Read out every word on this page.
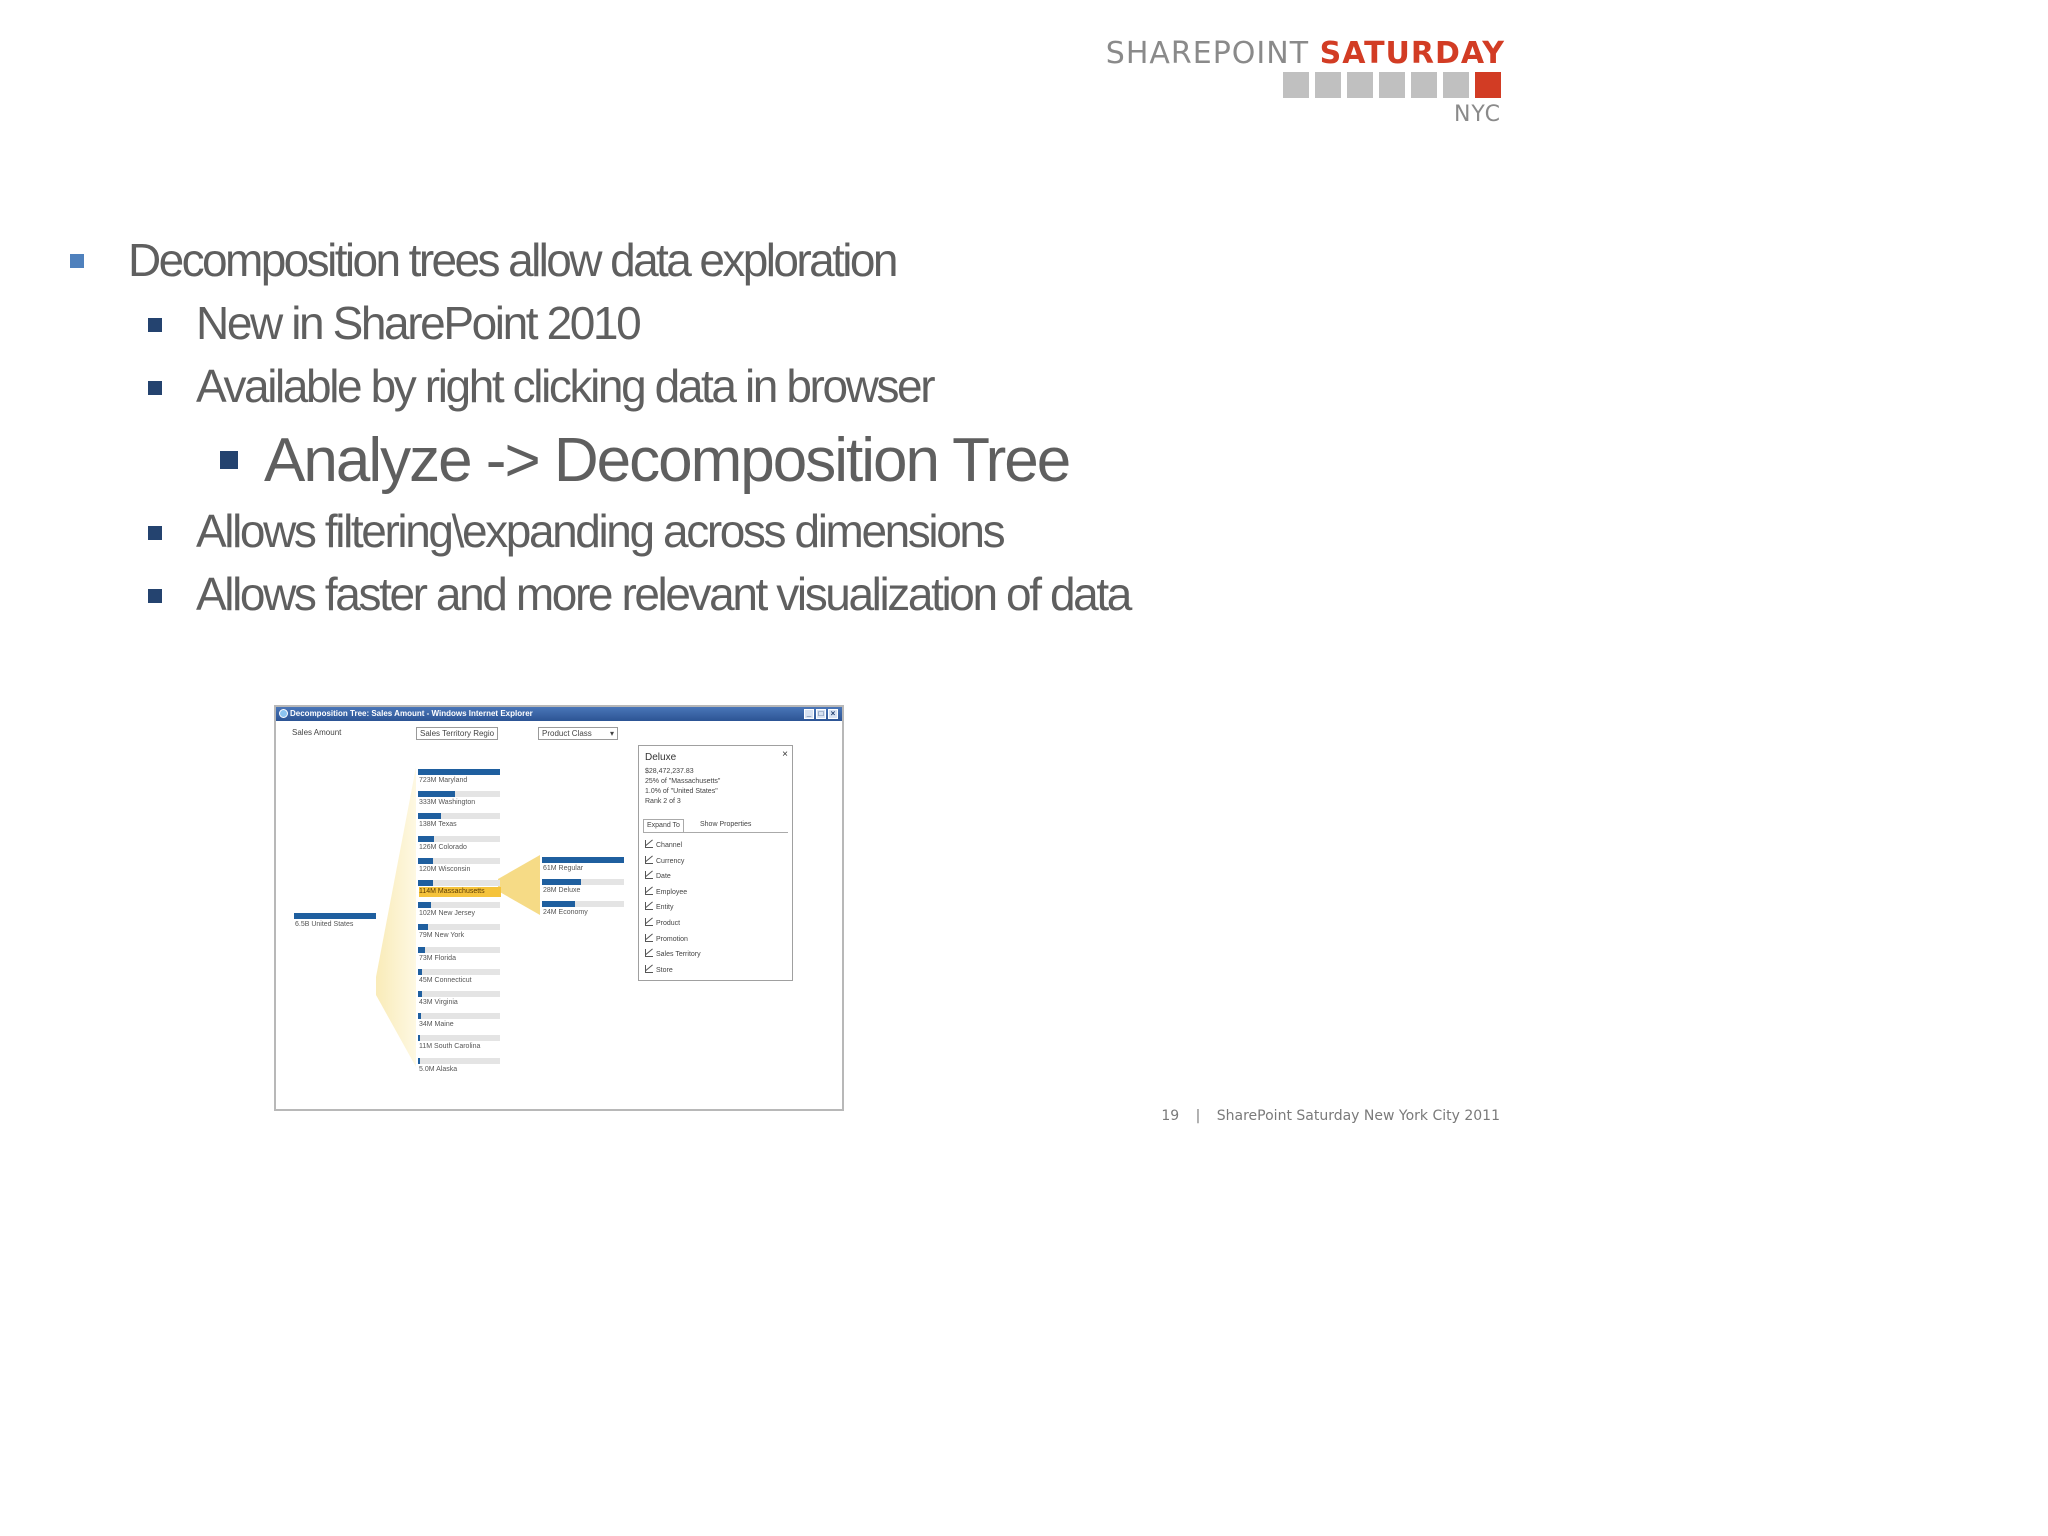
SHAREPOINT SATURDAY
NYC
Decomposition trees allow data exploration
New in SharePoint 2010
Available by right clicking data in browser
Analyze -> Decomposition Tree
Allows filtering\expanding across dimensions
Allows faster and more relevant visualization of data
Decomposition Tree: Sales Amount - Windows Internet Explorer	_ □ ×
Sales Amount	Sales Territory Regio	Product Class ▾
6.5B United States
723M Maryland
333M Washington
138M Texas
126M Colorado
120M Wisconsin
114M Massachusetts
102M New Jersey
79M New York
73M Florida
45M Connecticut
43M Virginia
34M Maine
11M South Carolina
5.0M Alaska
61M Regular
28M Deluxe
24M Economy
Deluxe	×
$28,472,237.83
25% of "Massachusetts"
1.0% of "United States"
Rank 2 of 3
Expand To	Show Properties
Channel
Currency
Date
Employee
Entity
Product
Promotion
Sales Territory
Store
19 | SharePoint Saturday New York City 2011
